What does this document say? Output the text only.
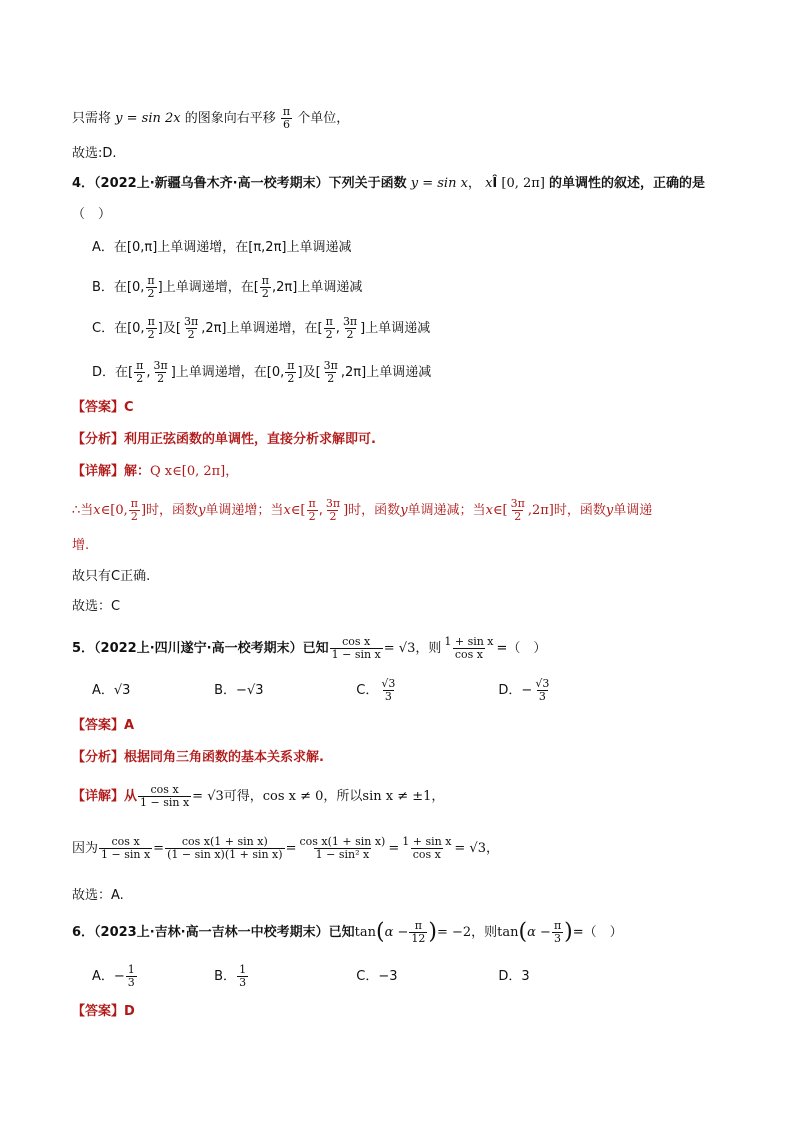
只需将 y = sin 2x 的图象向右平移 $\frac{\pi}{6}$ 个单位，
故选:D.
4．（2022上·新疆乌鲁木齐·高一校考期末）下列关于函数 y = sin x， xÎ [0, 2π] 的单调性的叙述，正确的是
（　）
A．在[0,π]上单调递增，在[π,2π]上单调递减
B．在[0, $\frac{\pi}{2}$ ]上单调递增，在[ $\frac{\pi}{2} ,2\pi$]上单调递减
C．在[0, $\frac{\pi}{2}$ ]及[ $\frac{3\pi}{2} ,2\pi$]上单调递增，在[ $\frac{\pi}{2}$ , $\frac{3\pi}{2}$ ]上单调递减
D．在[ $\frac{\pi}{2}$ , $\frac{3\pi}{2}$ ]上单调递增，在[0, $\frac{\pi}{2}$ ]及[ $\frac{3\pi}{2} ,2\pi$]上单调递减
【答案】C
【分析】利用正弦函数的单调性，直接分析求解即可.
【详解】解：Q x∈[0, 2π]，
∴当x∈[0, $\frac{\pi}{2}$ ]时，函数y单调递增；当x∈[ $\frac{\pi}{2}$ , $\frac{3\pi}{2}$ ]时，函数y单调递减；当x∈[ $\frac{3\pi}{2} ,2\pi$]时，函数y单调递
增.
故只有C正确.
故选：C
5．（2022上·四川遂宁·高一校考期末）已知 $\frac{\text{cos x}}{\text{1 − sin x}} = √3$，则 $\frac{\text{1 + sin x}}{\text{cos x}}$ =（　）
A．√3	B．−√3	C． $\frac{√3}{3}$	D．− $\frac{√3}{3}$
【答案】A
【分析】根据同角三角函数的基本关系求解.
【详解】从 $\frac{\text{cos x}}{\text{1 − sin x}} = √3$可得，cos x ≠ 0，所以sin x ≠ ±1，
因为 $\frac{\text{cos x}}{\text{1 − sin x}} = \frac{\text{cos x(1 + sin x)}}{\text{(1 − sin x)(1 + sin x)}} = \frac{\text{cos x(1 + sin x)}}{\text{1 − sin² x}} = \frac{\text{1 + sin x}}{\text{cos x}} = √3$，
故选：A.
6．（2023上·吉林·高一吉林一中校考期末）已知$\tan(\alpha - \frac{\pi}{12}$ )= −2，则$\tan(\alpha - \frac{\pi}{3}$ )=（　）
A．− $\frac{1}{3}$	B． $\frac{1}{3}$	C．−3	D．3
【答案】D
